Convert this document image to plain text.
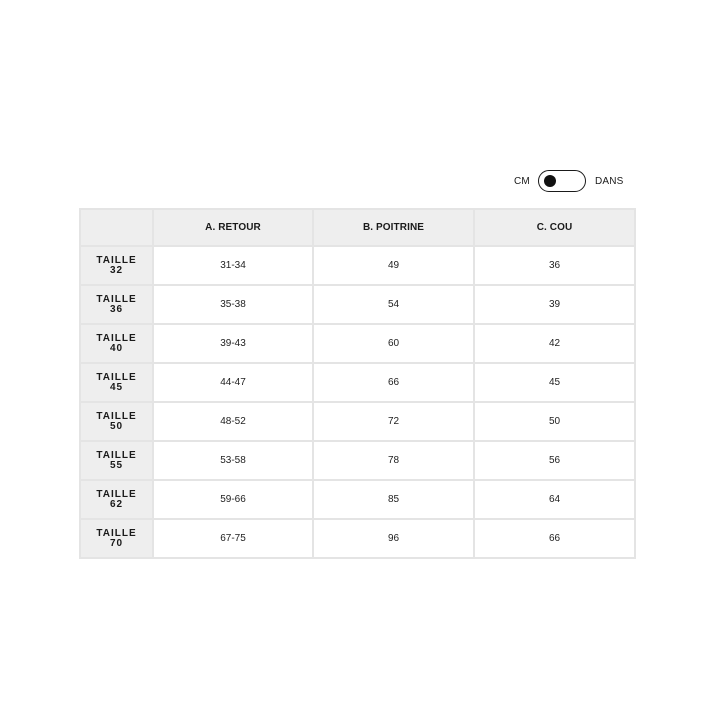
CM	DANS
	A. RETOUR	B. POITRINE	C. COU

TAILLE
32	31-34	49	36

TAILLE
36	35-38	54	39

TAILLE
40	39-43	60	42

TAILLE
45	44-47	66	45

TAILLE
50	48-52	72	50

TAILLE
55	53-58	78	56

TAILLE
62	59-66	85	64

TAILLE
70	67-75	96	66
